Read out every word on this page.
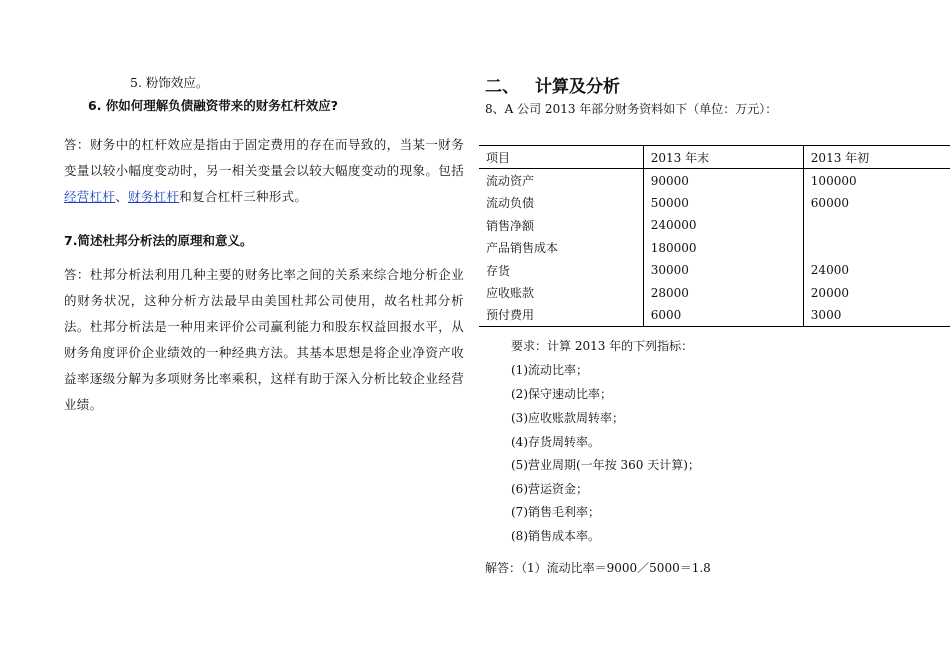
5. 粉饰效应。
6. 你如何理解负债融资带来的财务杠杆效应?
答：财务中的杠杆效应是指由于固定费用的存在而导致的，当某一财务变量以较小幅度变动时，另一相关变量会以较大幅度变动的现象。包括经营杠杆、财务杠杆和复合杠杆三种形式。
7.简述杜邦分析法的原理和意义。
答：杜邦分析法利用几种主要的财务比率之间的关系来综合地分析企业的财务状况，这种分析方法最早由美国杜邦公司使用，故名杜邦分析法。杜邦分析法是一种用来评价公司赢利能力和股东权益回报水平，从财务角度评价企业绩效的一种经典方法。其基本思想是将企业净资产收益率逐级分解为多项财务比率乘积，这样有助于深入分析比较企业经营业绩。
二、 计算及分析
8、A 公司 2013 年部分财务资料如下（单位：万元）：
项目	2013 年末	2013 年初
流动资产	90000	100000
流动负债	50000	60000
销售净额	240000	
产品销售成本	180000	
存货	30000	24000
应收账款	28000	20000
预付费用	6000	3000
要求：计算 2013 年的下列指标：
(1)流动比率；
(2)保守速动比率；
(3)应收账款周转率；
(4)存货周转率。
(5)营业周期(一年按 360 天计算)；
(6)营运资金；
(7)销售毛利率；
(8)销售成本率。
解答：（1）流动比率＝9000／5000＝1.8
